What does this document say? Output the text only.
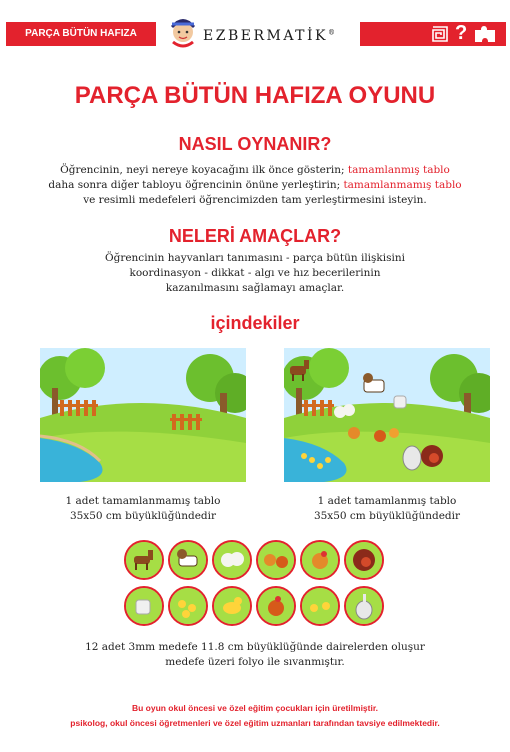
PARÇA BÜTÜN HAFIZA OYUNU
EZBERMATİK®	?
PARÇA BÜTÜN HAFIZA OYUNU
NASIL OYNANIR?
Öğrencinin, neyi nereye koyacağını ilk önce gösterin; tamamlanmış tablo
daha sonra diğer tabloyu öğrencinin önüne yerleştirin; tamamlanmamış tablo
ve resimli medefeleri öğrencimizden tam yerleştirmesini isteyin.
NELERİ AMAÇLAR?
Öğrencinin hayvanları tanımasını - parça bütün ilişkisini
koordinasyon - dikkat - algı ve hız becerilerinin
kazanılmasını sağlamayı amaçlar.
içindekiler
1 adet tamamlanmamış tablo
35x50 cm büyüklüğündedir
1 adet tamamlanmış tablo
35x50 cm büyüklüğündedir
12 adet 3mm medefe 11.8 cm büyüklüğünde dairelerden oluşur
medefe üzeri folyo ile sıvanmıştır.
Bu oyun okul öncesi ve özel eğitim çocukları için üretilmiştir.
psikolog, okul öncesi öğretmenleri ve özel eğitim uzmanları tarafından tavsiye edilmektedir.
